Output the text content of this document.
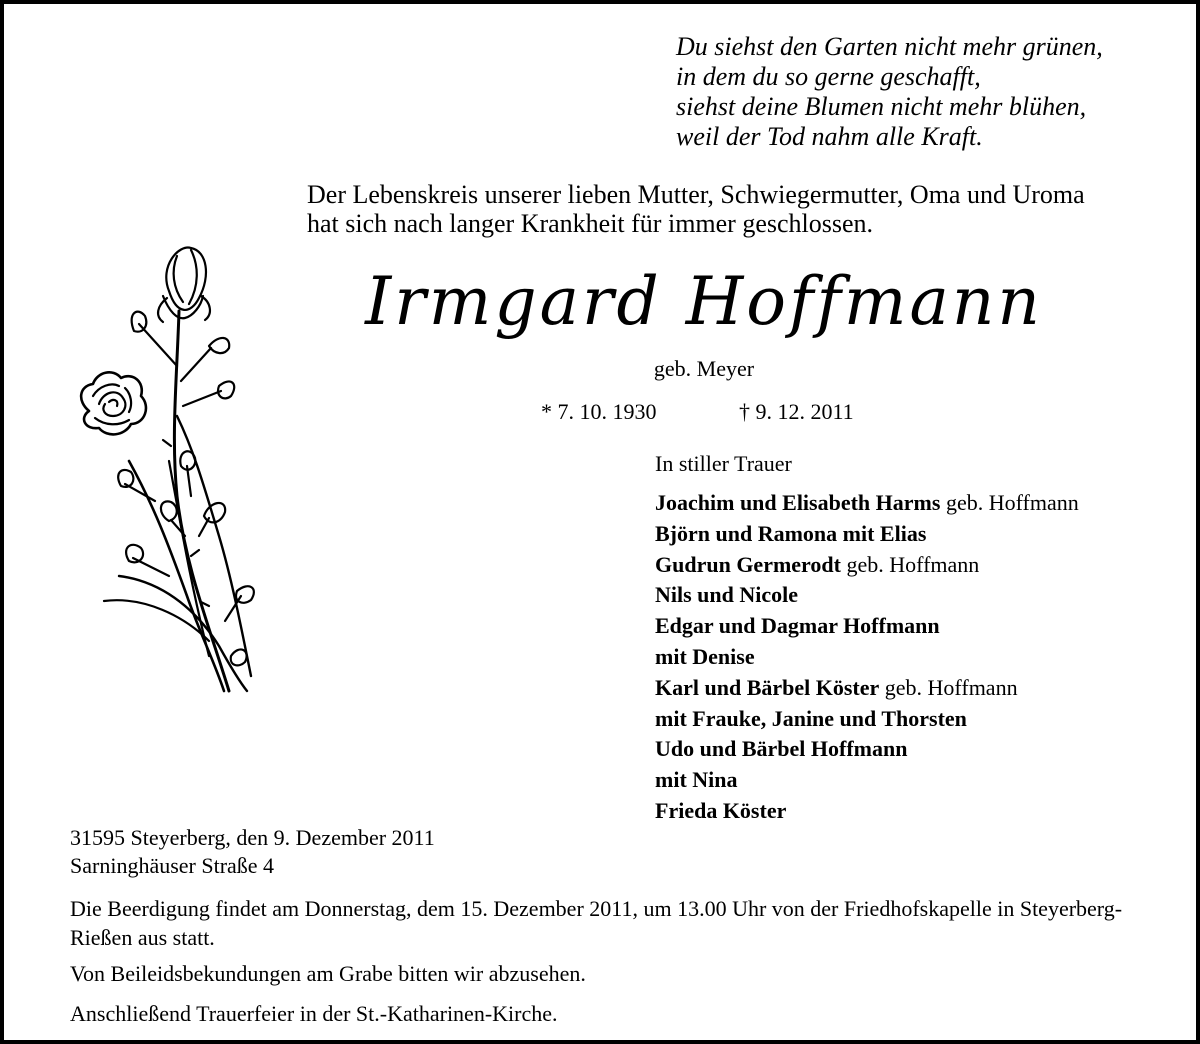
Du siehst den Garten nicht mehr grünen,
in dem du so gerne geschafft,
siehst deine Blumen nicht mehr blühen,
weil der Tod nahm alle Kraft.
Der Lebenskreis unserer lieben Mutter, Schwiegermutter, Oma und Uroma
hat sich nach langer Krankheit für immer geschlossen.
Irmgard Hoffmann
geb. Meyer
* 7. 10. 1930	† 9. 12. 2011
In stiller Trauer
Joachim und Elisabeth Harms geb. Hoffmann
Björn und Ramona mit Elias
Gudrun Germerodt geb. Hoffmann
Nils und Nicole
Edgar und Dagmar Hoffmann
mit Denise
Karl und Bärbel Köster geb. Hoffmann
mit Frauke, Janine und Thorsten
Udo und Bärbel Hoffmann
mit Nina
Frieda Köster
31595 Steyerberg, den 9. Dezember 2011
Sarninghäuser Straße 4
Die Beerdigung findet am Donnerstag, dem 15. Dezember 2011, um 13.00 Uhr von der Friedhofskapelle in Steyerberg-Rießen aus statt.
Von Beileidsbekundungen am Grabe bitten wir abzusehen.
Anschließend Trauerfeier in der St.-Katharinen-Kirche.
